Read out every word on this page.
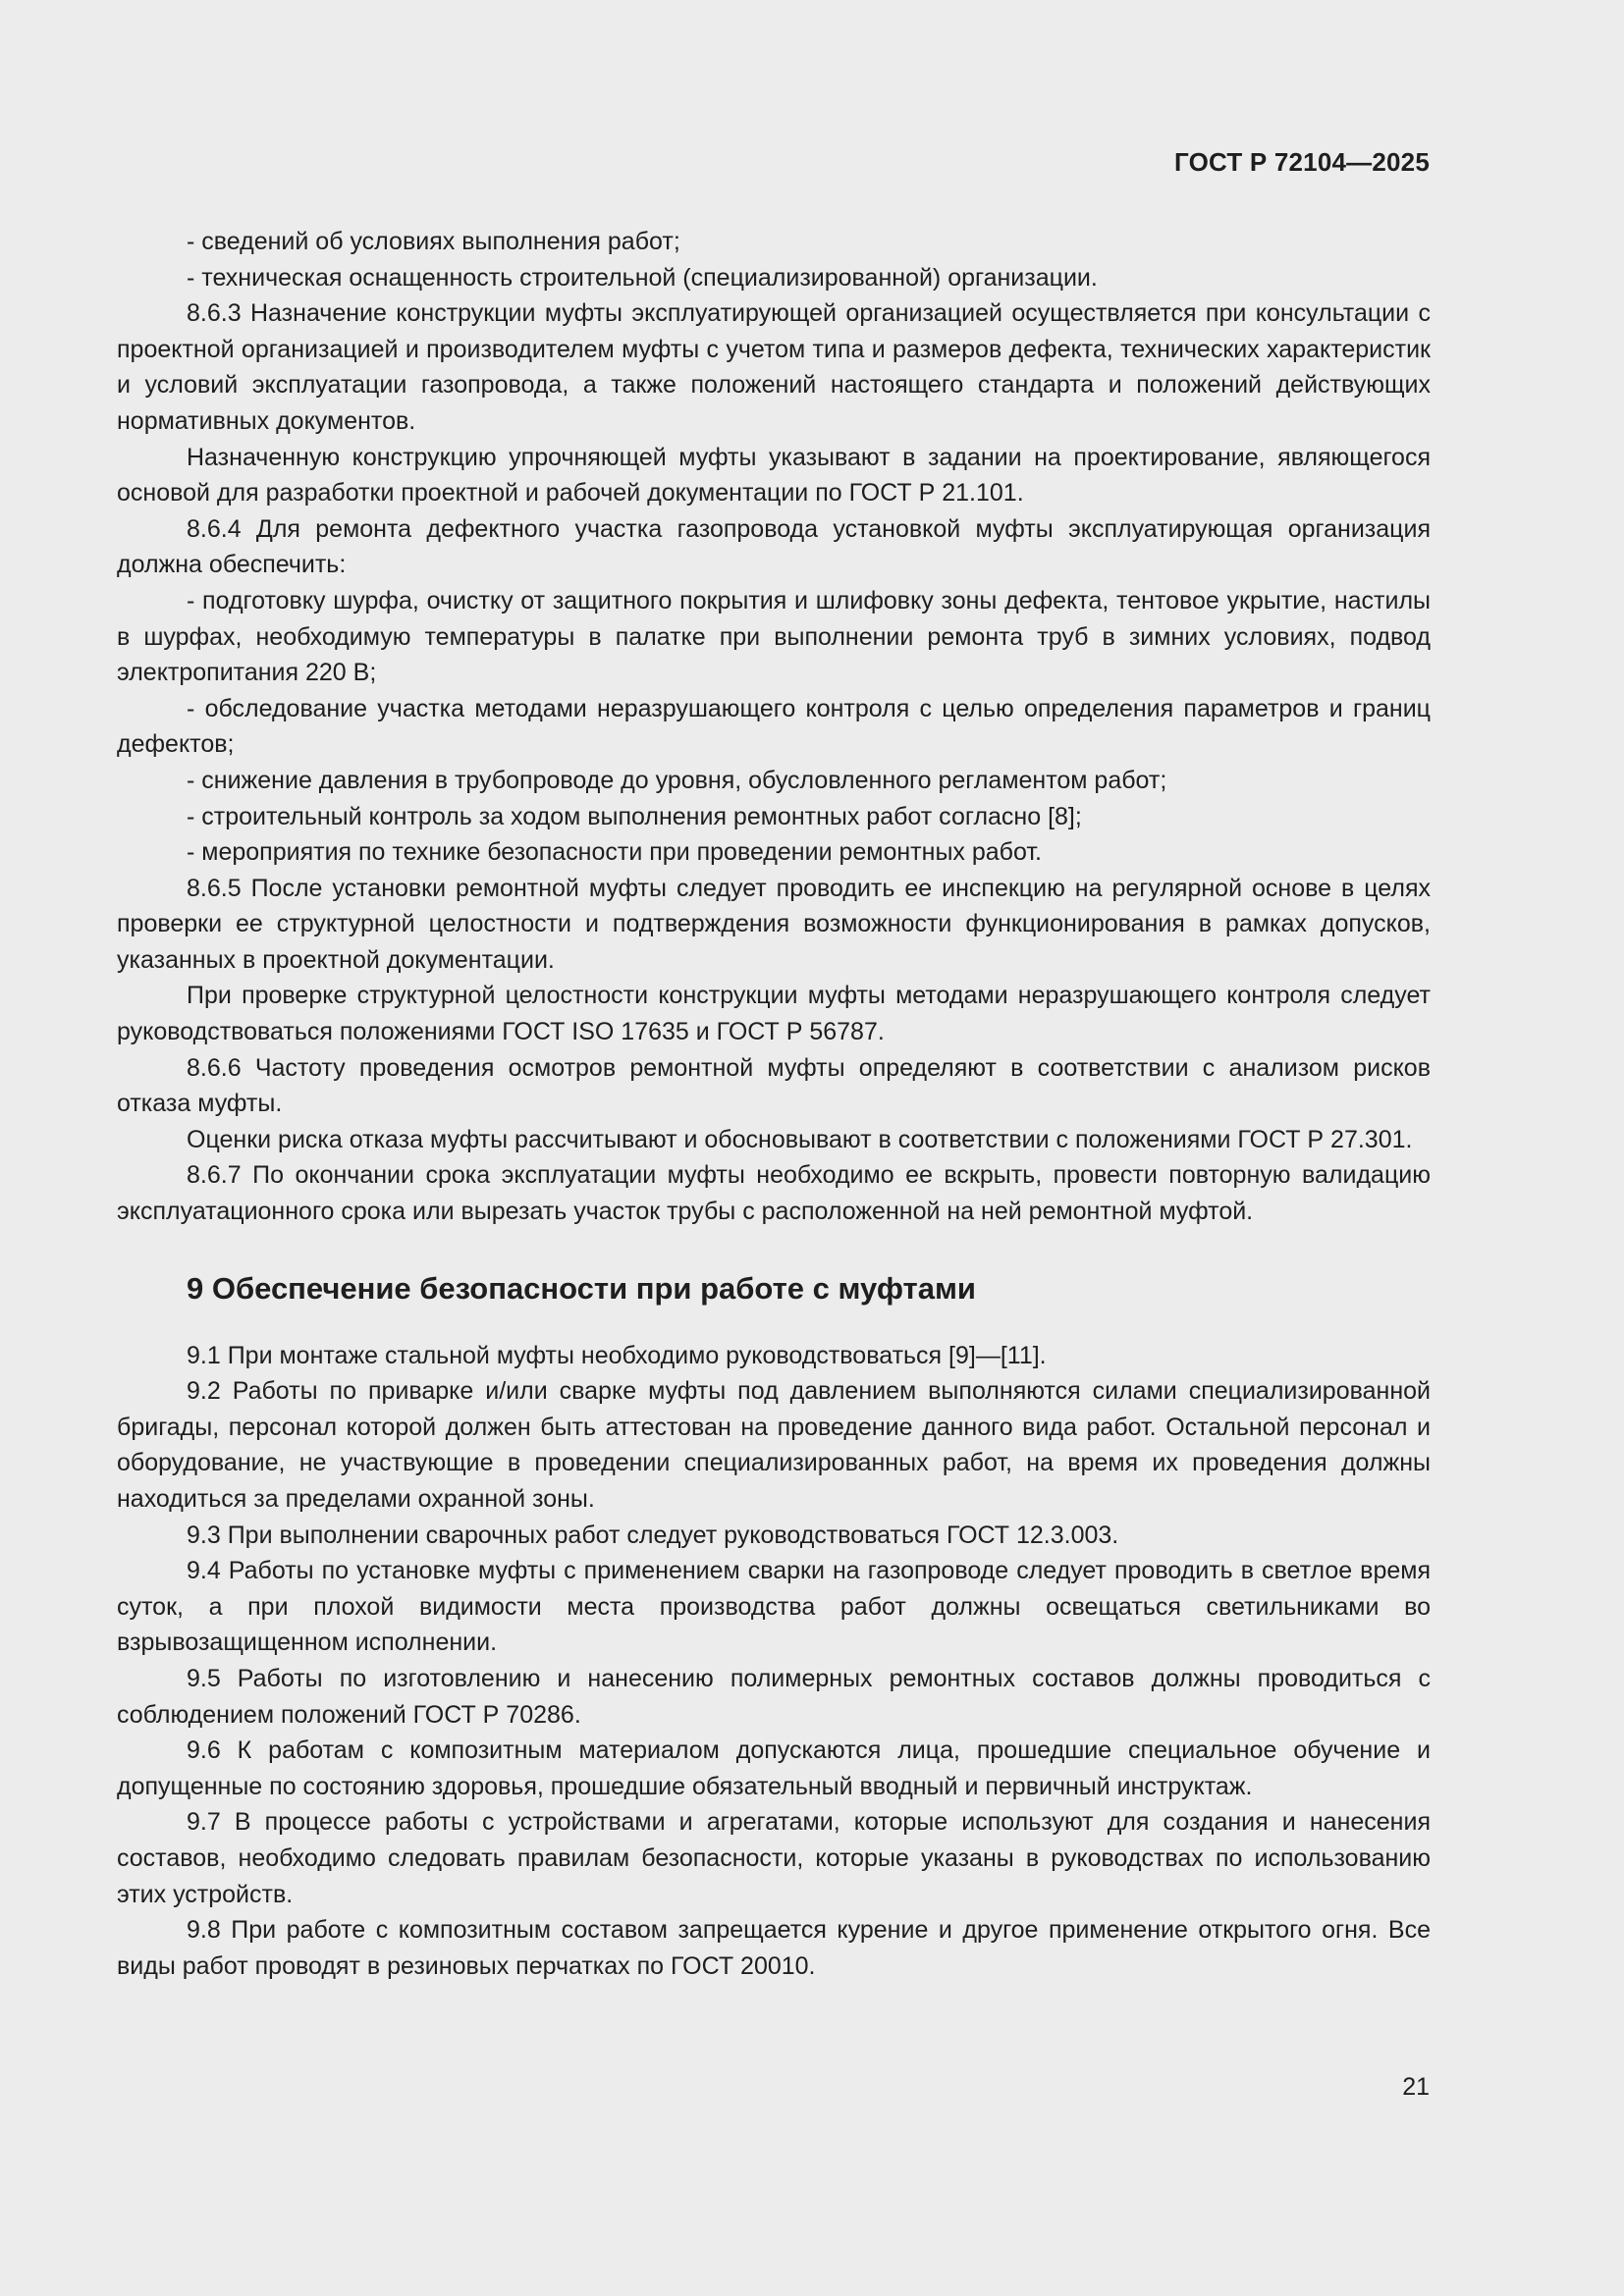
ГОСТ Р 72104—2025

- сведений об условиях выполнения работ;

- техническая оснащенность строительной (специализированной) организации.

8.6.3 Назначение конструкции муфты эксплуатирующей организацией осуществляется при консультации с проектной организацией и производителем муфты с учетом типа и размеров дефекта, технических характеристик и условий эксплуатации газопровода, а также положений настоящего стандарта и положений действующих нормативных документов.

Назначенную конструкцию упрочняющей муфты указывают в задании на проектирование, являющегося основой для разработки проектной и рабочей документации по ГОСТ Р 21.101.

8.6.4 Для ремонта дефектного участка газопровода установкой муфты эксплуатирующая организация должна обеспечить:

- подготовку шурфа, очистку от защитного покрытия и шлифовку зоны дефекта, тентовое укрытие, настилы в шурфах, необходимую температуры в палатке при выполнении ремонта труб в зимних условиях, подвод электропитания 220 В;

- обследование участка методами неразрушающего контроля с целью определения параметров и границ дефектов;

- снижение давления в трубопроводе до уровня, обусловленного регламентом работ;

- строительный контроль за ходом выполнения ремонтных работ согласно [8];

- мероприятия по технике безопасности при проведении ремонтных работ.

8.6.5 После установки ремонтной муфты следует проводить ее инспекцию на регулярной основе в целях проверки ее структурной целостности и подтверждения возможности функционирования в рамках допусков, указанных в проектной документации.

При проверке структурной целостности конструкции муфты методами неразрушающего контроля следует руководствоваться положениями ГОСТ ISO 17635 и ГОСТ Р 56787.

8.6.6 Частоту проведения осмотров ремонтной муфты определяют в соответствии с анализом рисков отказа муфты.

Оценки риска отказа муфты рассчитывают и обосновывают в соответствии с положениями ГОСТ Р 27.301.

8.6.7 По окончании срока эксплуатации муфты необходимо ее вскрыть, провести повторную валидацию эксплуатационного срока или вырезать участок трубы с расположенной на ней ремонтной муфтой.

9 Обеспечение безопасности при работе с муфтами

9.1 При монтаже стальной муфты необходимо руководствоваться [9]—[11].

9.2 Работы по приварке и/или сварке муфты под давлением выполняются силами специализированной бригады, персонал которой должен быть аттестован на проведение данного вида работ. Остальной персонал и оборудование, не участвующие в проведении специализированных работ, на время их проведения должны находиться за пределами охранной зоны.

9.3 При выполнении сварочных работ следует руководствоваться ГОСТ 12.3.003.

9.4 Работы по установке муфты с применением сварки на газопроводе следует проводить в светлое время суток, а при плохой видимости места производства работ должны освещаться светильниками во взрывозащищенном исполнении.

9.5 Работы по изготовлению и нанесению полимерных ремонтных составов должны проводиться с соблюдением положений ГОСТ Р 70286.

9.6 К работам с композитным материалом допускаются лица, прошедшие специальное обучение и допущенные по состоянию здоровья, прошедшие обязательный вводный и первичный инструктаж.

9.7 В процессе работы с устройствами и агрегатами, которые используют для создания и нанесения составов, необходимо следовать правилам безопасности, которые указаны в руководствах по использованию этих устройств.

9.8 При работе с композитным составом запрещается курение и другое применение открытого огня. Все виды работ проводят в резиновых перчатках по ГОСТ 20010.

21
